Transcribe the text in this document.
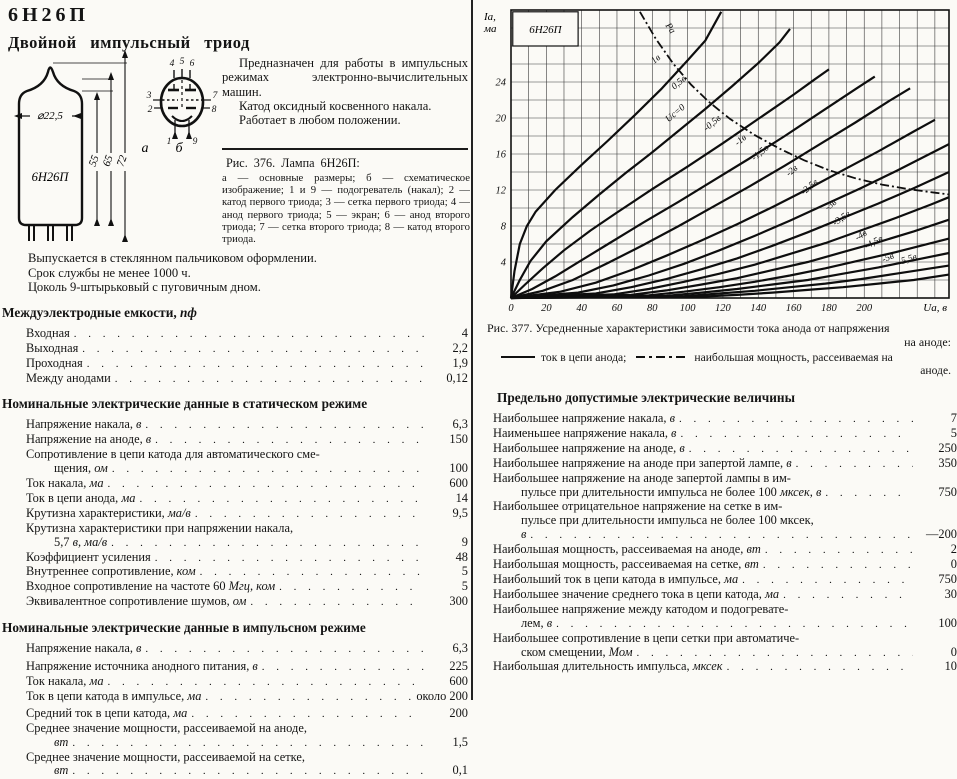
6Н26П
Двойной импульсный триод
⌀22,5
6Н26П
55
65
72
4 5 6
3
2
7
8
1 9
а б

Предназначен для работы в импульсных режимах электронно-вычислительных машин.

Катод оксидный косвенного накала.

Работает в любом положении.

Рис. 376. Лампа 6Н26П:
а — основные размеры; б — схематическое изображение; 1 и 9 — подогреватель (накал); 2 — катод первого триода; 3 — сетка первого триода; 4 — анод первого триода; 5 — экран; 6 — анод второго триода; 7 — сетка второго триода; 8 — катод второго триода.
Выпускается в стеклянном пальчиковом оформлении.
Срок службы не менее 1000 ч.
Цоколь 9-штырьковый с пуговичным дном.
Междуэлектродные емкости, пф
Входная . . .	4
Выходная . . .	2,2
Проходная . . .	1,9
Между анодами . . .	0,12
Номинальные электрические данные в статическом режиме
Напряжение накала, в . . .	6,3
Напряжение на аноде, в . . .	150
Сопротивление в цепи катода для автоматического сме-
щения, ом . . .	100
Ток накала, ма . . .	600
Ток в цепи анода, ма . . .	14
Крутизна характеристики, ма/в . . .	9,5
Крутизна характеристики при напряжении накала,
5,7 в, ма/в . . .	9
Коэффициент усиления . . .	48
Внутреннее сопротивление, ком . . .	5
Входное сопротивление на частоте 60 Мгц, ком . . .	5
Эквивалентное сопротивление шумов, ом . . .	300
Номинальные электрические данные в импульсном режиме
Напряжение накала, в . . .	6,3
Напряжение источника анодного питания, в . . .	225
Ток накала, ма . . .	600
Ток в цепи катода в импульсе, ма . . .	около 200
Средний ток в цепи катода, ма . . .	200
Среднее значение мощности, рассеиваемой на аноде,
вт . . .	1,5
Среднее значение мощности, рассеиваемой на сетке,
вт . . .	0,1
0	20 40 60 80 100 120 140 160 180 200
4
8
12
16
20
24
Uа, в
Iа, ма	6Н26П	Pа
1в
0,5в
Uс=0 -0,5в
-1в
-1,5в
-2в
-2,5в
-3в
-3,5в
-4в
-4,5в
-5в -5,5в
Рис. 377. Усредненные характеристики зависимости тока анода от напряжения
на аноде:
ток в цепи анода;	наибольшая мощность, рассеиваемая на
аноде.
Предельно допустимые электрические величины
Наибольшее напряжение накала, в . . .	7
Наименьшее напряжение накала, в . . .	5
Наибольшее напряжение на аноде, в . . .	250
Наибольшее напряжение на аноде при запертой лампе, в . . .	350
Наибольшее напряжение на аноде запертой лампы в им-
пульсе при длительности импульса не более 100 мксек, в . . .	750
Наибольшее отрицательное напряжение на сетке в им-
пульсе при длительности импульса не более 100 мксек,
в . . .	—200
Наибольшая мощность, рассеиваемая на аноде, вт . . .	2
Наибольшая мощность, рассеиваемая на сетке, вт . . .	0
Наибольший ток в цепи катода в импульсе, ма . . .	750
Наибольшее значение среднего тока в цепи катода, ма . . .	30
Наибольшее напряжение между катодом и подогревате-
лем, в . . .	100
Наибольшее сопротивление в цепи сетки при автоматиче-
ском смещении, Мом . . .	0
Наибольшая длительность импульса, мксек . . .	10
